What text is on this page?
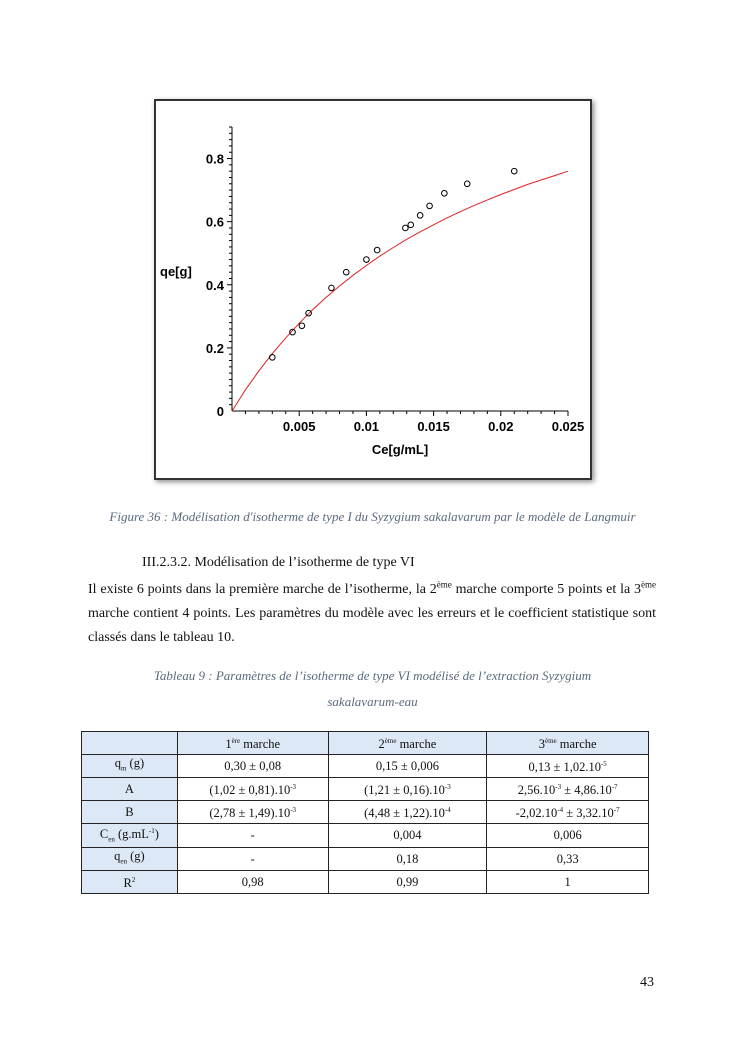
0.005	0.01	0.015	0.02	0.025
0
0.2
0.4
0.6
0.8
Ce[g/mL]
qe[g]
Figure 36 : Modélisation d'isotherme de type I du Syzygium sakalavarum par le modèle de Langmuir
III.2.3.2. Modélisation de l’isotherme de type VI
Il existe 6 points dans la première marche de l’isotherme, la 2ème marche comporte 5 points et la 3ème marche contient 4 points. Les paramètres du modèle avec les erreurs et le coefficient statistique sont classés dans le tableau 10.
Tableau 9 : Paramètres de l’isotherme de type VI modélisé de l’extraction Syzygium
sakalavarum-eau
	1ère marche	2ème marche	3ème marche
$q_m$ (g)	0,30 ± 0,08	0,15 ± 0,006	$0,13 \pm 1,02.10^{-5}$
A	$(1,02 \pm 0,81).10^{-3}$	$(1,21 \pm 0,16).10^{-3}$	$2,56.10^{-3} \pm 4,86.10^{-7}$
B	$(2,78 \pm 1,49).10^{-3}$	$(4,48 \pm 1,22).10^{-4}$	$-2,02.10^{-4} \pm 3,32.10^{-7}$
$C_{en}$ $(g.mL^{-1})$	-	0,004	0,006
$q_{en}$ (g)	-	0,18	0,33
$R^2$	0,98	0,99	1
43
